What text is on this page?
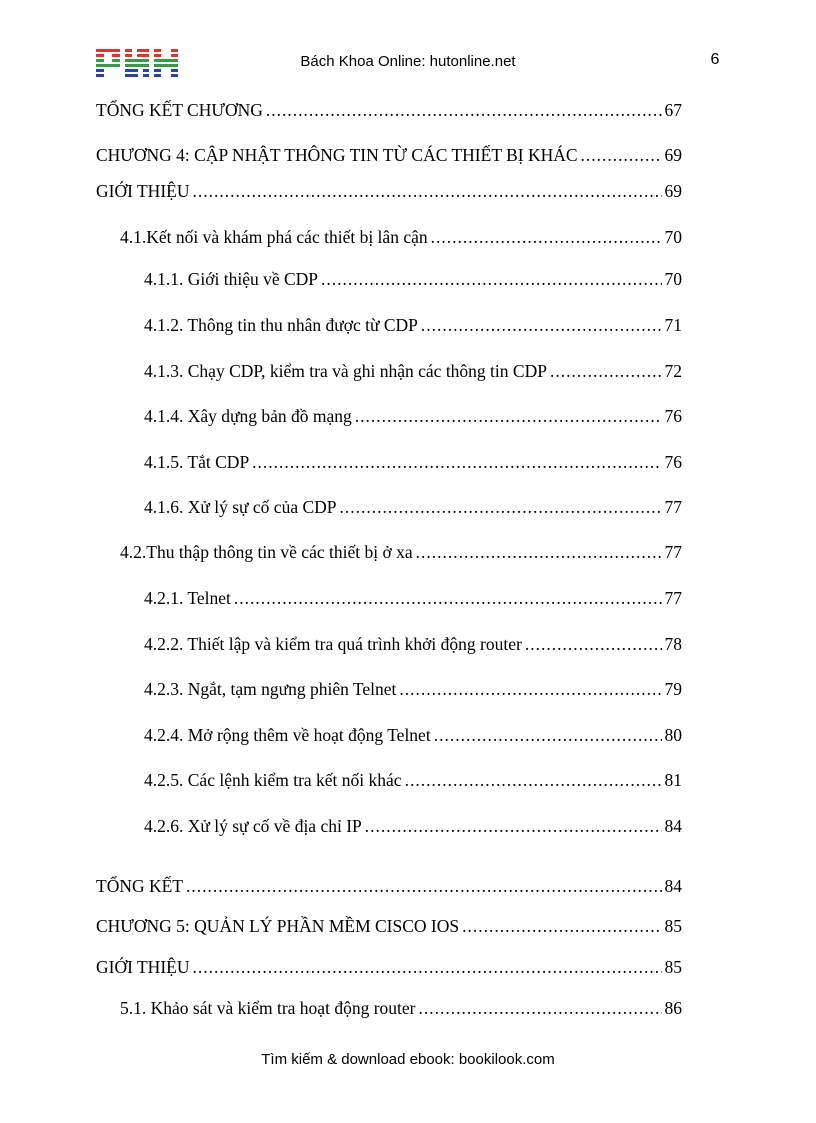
Bách Khoa Online: hutonline.net	6
TỔNG KẾT CHƯƠNG .....	67
CHƯƠNG 4: CẬP NHẬT THÔNG TIN TỪ CÁC THIẾT BỊ KHÁC .....	69
GIỚI THIỆU .....	69
4.1.Kết nối và khám phá các thiết bị lân cận .....	70
4.1.1. Giới thiệu về CDP .....	70
4.1.2. Thông tin thu nhân được từ CDP .....	71
4.1.3. Chạy CDP, kiểm tra và ghi nhận các thông tin CDP .....	72
4.1.4. Xây dựng bản đồ mạng .....	76
4.1.5. Tắt CDP .....	76
4.1.6. Xử lý sự cố của CDP .....	77
4.2.Thu thập thông tin về các thiết bị ở xa .....	77
4.2.1. Telnet .....	77
4.2.2. Thiết lập và kiểm tra quá trình khởi động router .....	78
4.2.3. Ngắt, tạm ngưng phiên Telnet .....	79
4.2.4. Mở rộng thêm về hoạt động Telnet .....	80
4.2.5. Các lệnh kiểm tra kết nối khác .....	81
4.2.6. Xử lý sự cố về địa chỉ IP .....	84
TỔNG KẾT .....	84
CHƯƠNG 5: QUẢN LÝ PHẦN MỀM CISCO IOS .....	85
GIỚI THIỆU .....	85
5.1. Khảo sát và kiểm tra hoạt động router .....	86
Tìm kiếm & download ebook: bookilook.com
